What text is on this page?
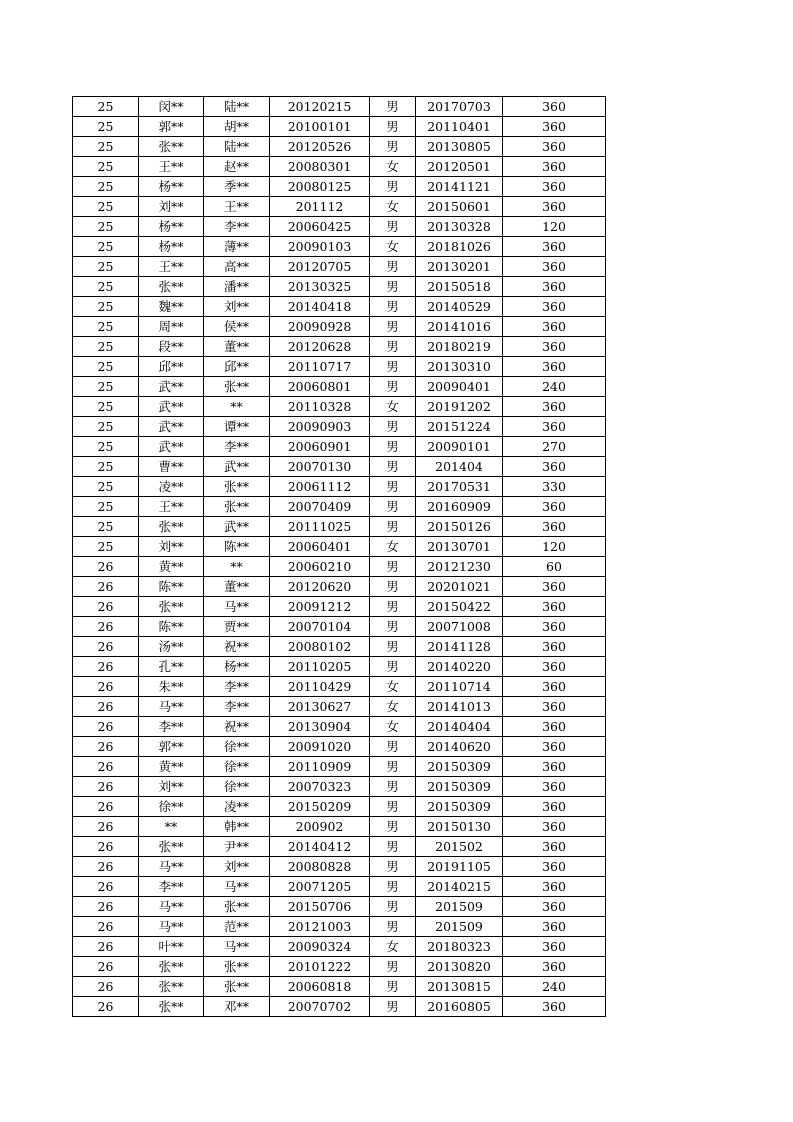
25	闵**	陆**	20120215	男	20170703	360
25	郭**	胡**	20100101	男	20110401	360
25	张**	陆**	20120526	男	20130805	360
25	王**	赵**	20080301	女	20120501	360
25	杨**	季**	20080125	男	20141121	360
25	刘**	王**	201112	女	20150601	360
25	杨**	李**	20060425	男	20130328	120
25	杨**	薄**	20090103	女	20181026	360
25	王**	高**	20120705	男	20130201	360
25	张**	潘**	20130325	男	20150518	360
25	魏**	刘**	20140418	男	20140529	360
25	周**	侯**	20090928	男	20141016	360
25	段**	董**	20120628	男	20180219	360
25	邱**	邱**	20110717	男	20130310	360
25	武**	张**	20060801	男	20090401	240
25	武**	**	20110328	女	20191202	360
25	武**	谭**	20090903	男	20151224	360
25	武**	李**	20060901	男	20090101	270
25	曹**	武**	20070130	男	201404	360
25	凌**	张**	20061112	男	20170531	330
25	王**	张**	20070409	男	20160909	360
25	张**	武**	20111025	男	20150126	360
25	刘**	陈**	20060401	女	20130701	120
26	黄**	**	20060210	男	20121230	60
26	陈**	董**	20120620	男	20201021	360
26	张**	马**	20091212	男	20150422	360
26	陈**	贾**	20070104	男	20071008	360
26	汤**	祝**	20080102	男	20141128	360
26	孔**	杨**	20110205	男	20140220	360
26	朱**	李**	20110429	女	20110714	360
26	马**	李**	20130627	女	20141013	360
26	李**	祝**	20130904	女	20140404	360
26	郭**	徐**	20091020	男	20140620	360
26	黄**	徐**	20110909	男	20150309	360
26	刘**	徐**	20070323	男	20150309	360
26	徐**	凌**	20150209	男	20150309	360
26	**	韩**	200902	男	20150130	360
26	张**	尹**	20140412	男	201502	360
26	马**	刘**	20080828	男	20191105	360
26	李**	马**	20071205	男	20140215	360
26	马**	张**	20150706	男	201509	360
26	马**	范**	20121003	男	201509	360
26	叶**	马**	20090324	女	20180323	360
26	张**	张**	20101222	男	20130820	360
26	张**	张**	20060818	男	20130815	240
26	张**	邓**	20070702	男	20160805	360
